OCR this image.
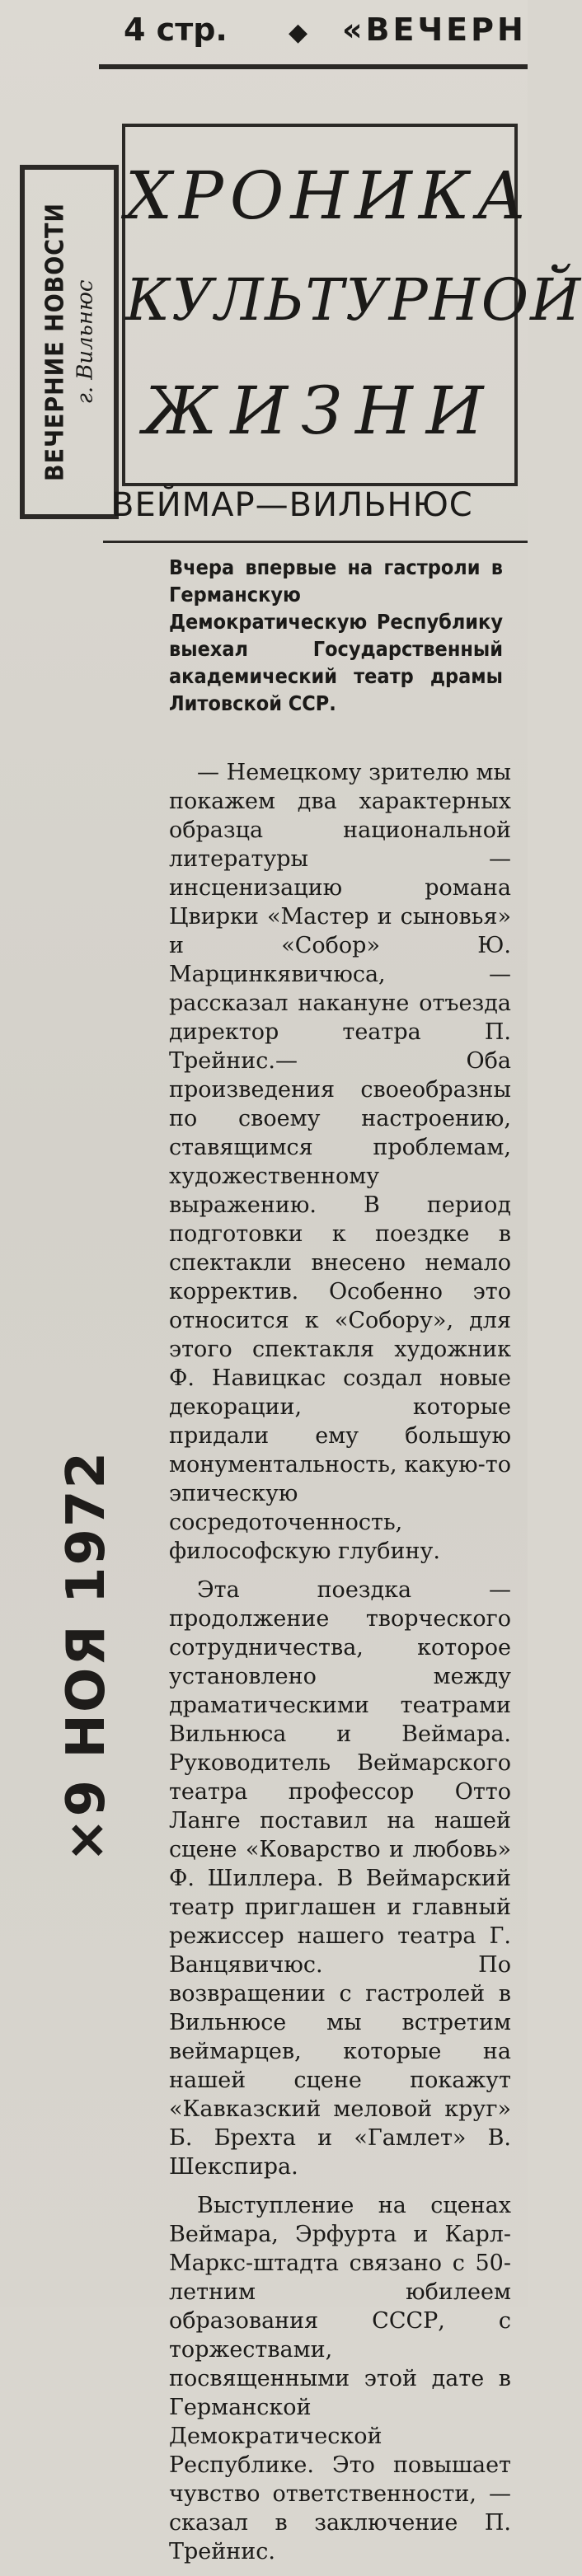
4 стр. ◆ «ВЕЧЕРН
ВЕЧЕРНИЕ НОВОСТИ г. Вильнюс
ХРОНИКА
КУЛЬТУРНОЙ
ЖИЗНИ
ВЕЙМАР—ВИЛЬНЮС
Вчера впервые на гастроли в Германскую Демократическую Республику выехал Государственный академический театр драмы Литовской ССР.

— Немецкому зрителю мы покажем два характерных образца национальной литературы — инсценизацию романа Цвирки «Мастер и сыновья» и «Собор» Ю. Марцинкявичюса, — рассказал накануне отъезда директор театра П. Трейнис.— Оба произведения своеобразны по своему настроению, ставящимся проблемам, художественному выражению. В период подготовки к поездке в спектакли внесено немало корректив. Особенно это относится к «Собору», для этого спектакля художник Ф. Навицкас создал новые декорации, которые придали ему большую монументальность, какую-то эпическую сосредоточенность, философскую глубину.

Эта поездка — продолжение творческого сотрудничества, которое установлено между драматическими театрами Вильнюса и Веймара. Руководитель Веймарского театра профессор Отто Ланге поставил на нашей сцене «Коварство и любовь» Ф. Шиллера. В Веймарский театр приглашен и главный режиссер нашего театра Г. Ванцявичюс. По возвращении с гастролей в Вильнюсе мы встретим веймарцев, которые на нашей сцене покажут «Кавказский меловой круг» Б. Брехта и «Гамлет» В. Шекспира.

Выступление на сценах Веймара, Эрфурта и Карл-Маркс-штадта связано с 50-летним юбилеем образования СССР, с торжествами, посвященными этой дате в Германской Демократической Республике. Это повышает чувство ответственности, — сказал в заключение П. Трейнис.

×9 НОЯ 1972
